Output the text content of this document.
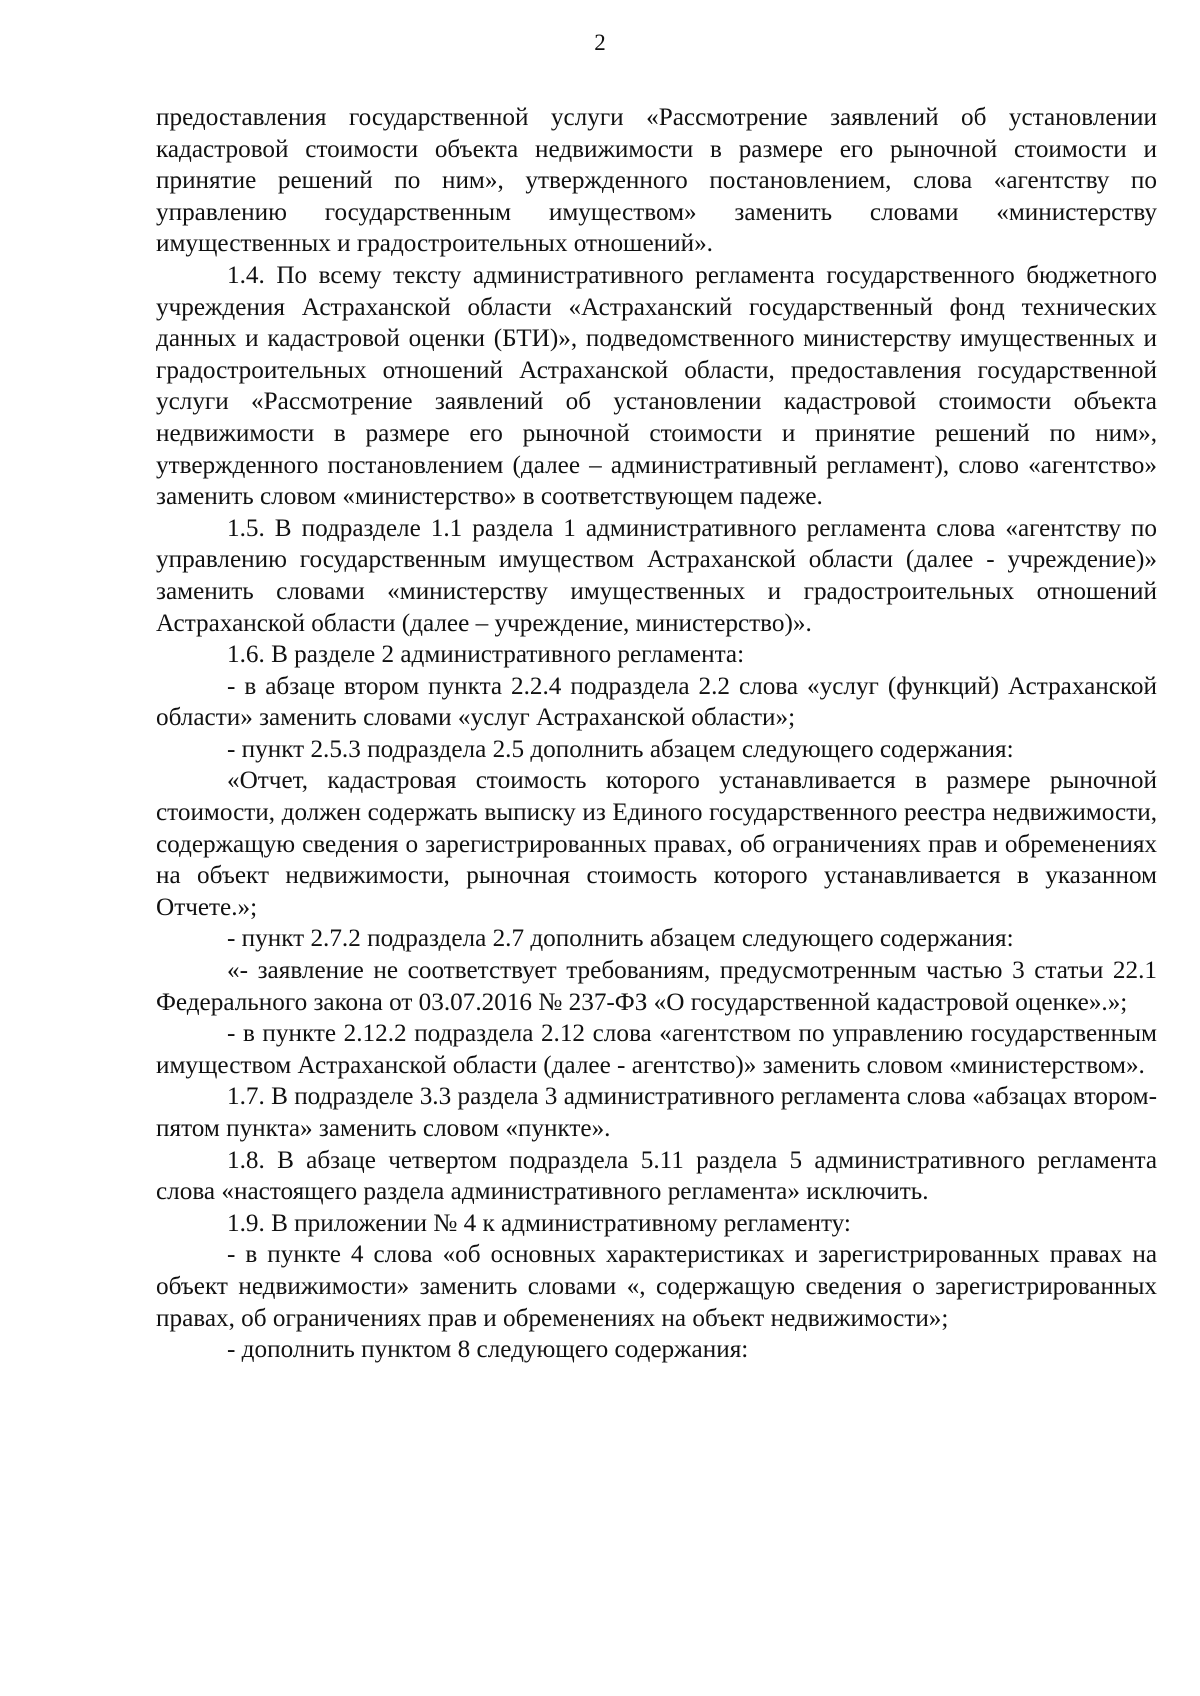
2

предоставления государственной услуги «Рассмотрение заявлений об установлении кадастровой стоимости объекта недвижимости в размере его рыночной стоимости и принятие решений по ним», утвержденного постановлением, слова «агентству по управлению государственным имуществом» заменить словами «министерству имущественных и градостроительных отношений».

1.4. По всему тексту административного регламента государственного бюджетного учреждения Астраханской области «Астраханский государственный фонд технических данных и кадастровой оценки (БТИ)», подведомственного министерству имущественных и градостроительных отношений Астраханской области, предоставления государственной услуги «Рассмотрение заявлений об установлении кадастровой стоимости объекта недвижимости в размере его рыночной стоимости и принятие решений по ним», утвержденного постановлением (далее – административный регламент), слово «агентство» заменить словом «министерство» в соответствующем падеже.

1.5. В подразделе 1.1 раздела 1 административного регламента слова «агентству по управлению государственным имуществом Астраханской области (далее - учреждение)» заменить словами «министерству имущественных и градостроительных отношений Астраханской области (далее – учреждение, министерство)».

1.6. В разделе 2 административного регламента:

- в абзаце втором пункта 2.2.4 подраздела 2.2 слова «услуг (функций) Астраханской области» заменить словами «услуг Астраханской области»;

- пункт 2.5.3 подраздела 2.5 дополнить абзацем следующего содержания:

«Отчет, кадастровая стоимость которого устанавливается в размере рыночной стоимости, должен содержать выписку из Единого государственного реестра недвижимости, содержащую сведения о зарегистрированных правах, об ограничениях прав и обременениях на объект недвижимости, рыночная стоимость которого устанавливается в указанном Отчете.»;

- пункт 2.7.2 подраздела 2.7 дополнить абзацем следующего содержания:

«- заявление не соответствует требованиям, предусмотренным частью 3 статьи 22.1 Федерального закона от 03.07.2016 № 237-ФЗ «О государственной кадастровой оценке».»;

- в пункте 2.12.2 подраздела 2.12 слова «агентством по управлению государственным имуществом Астраханской области (далее - агентство)» заменить словом «министерством».

1.7. В подразделе 3.3 раздела 3 административного регламента слова «абзацах втором-пятом пункта» заменить словом «пункте».

1.8. В абзаце четвертом подраздела 5.11 раздела 5 административного регламента слова «настоящего раздела административного регламента» исключить.

1.9. В приложении № 4 к административному регламенту:

- в пункте 4 слова «об основных характеристиках и зарегистрированных правах на объект недвижимости» заменить словами «, содержащую сведения о зарегистрированных правах, об ограничениях прав и обременениях на объект недвижимости»;

- дополнить пунктом 8 следующего содержания:
